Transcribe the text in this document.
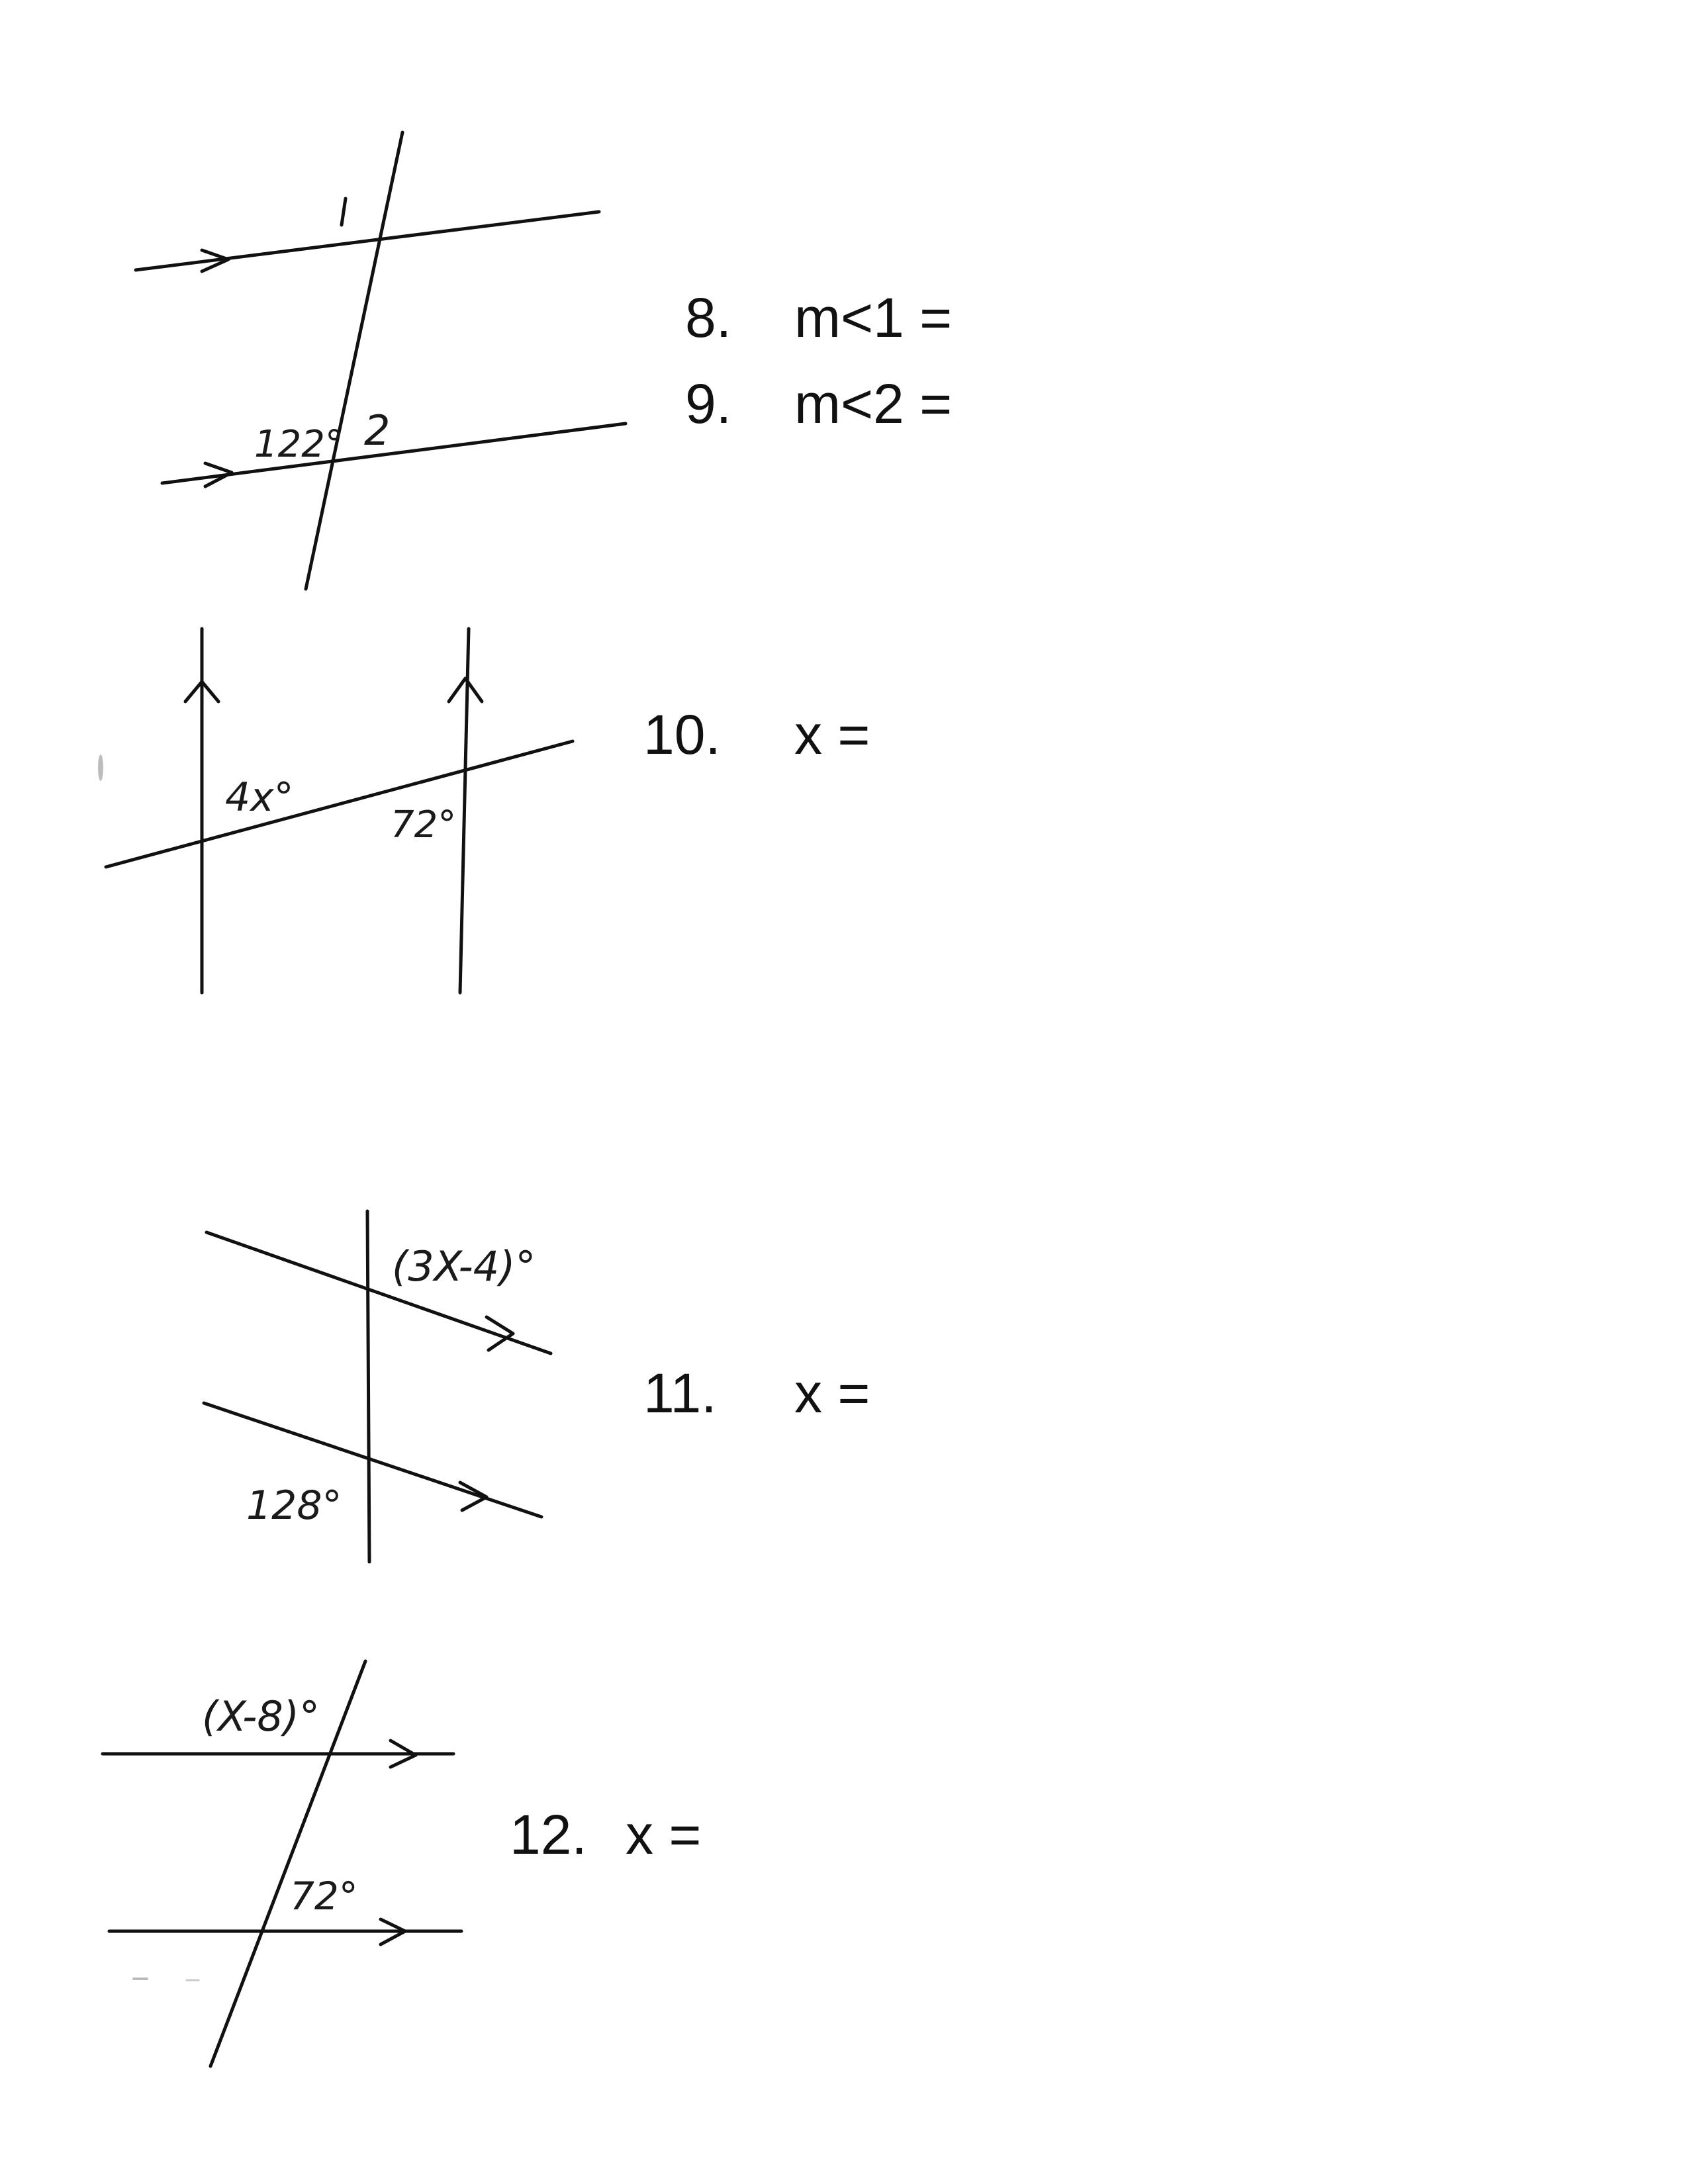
1
122° 2
4x°
72°
(3X-4)°
128°
(X-8)°
72°
8. m<1 =
9. m<2 =
10. x =
11. x =
12. x =
